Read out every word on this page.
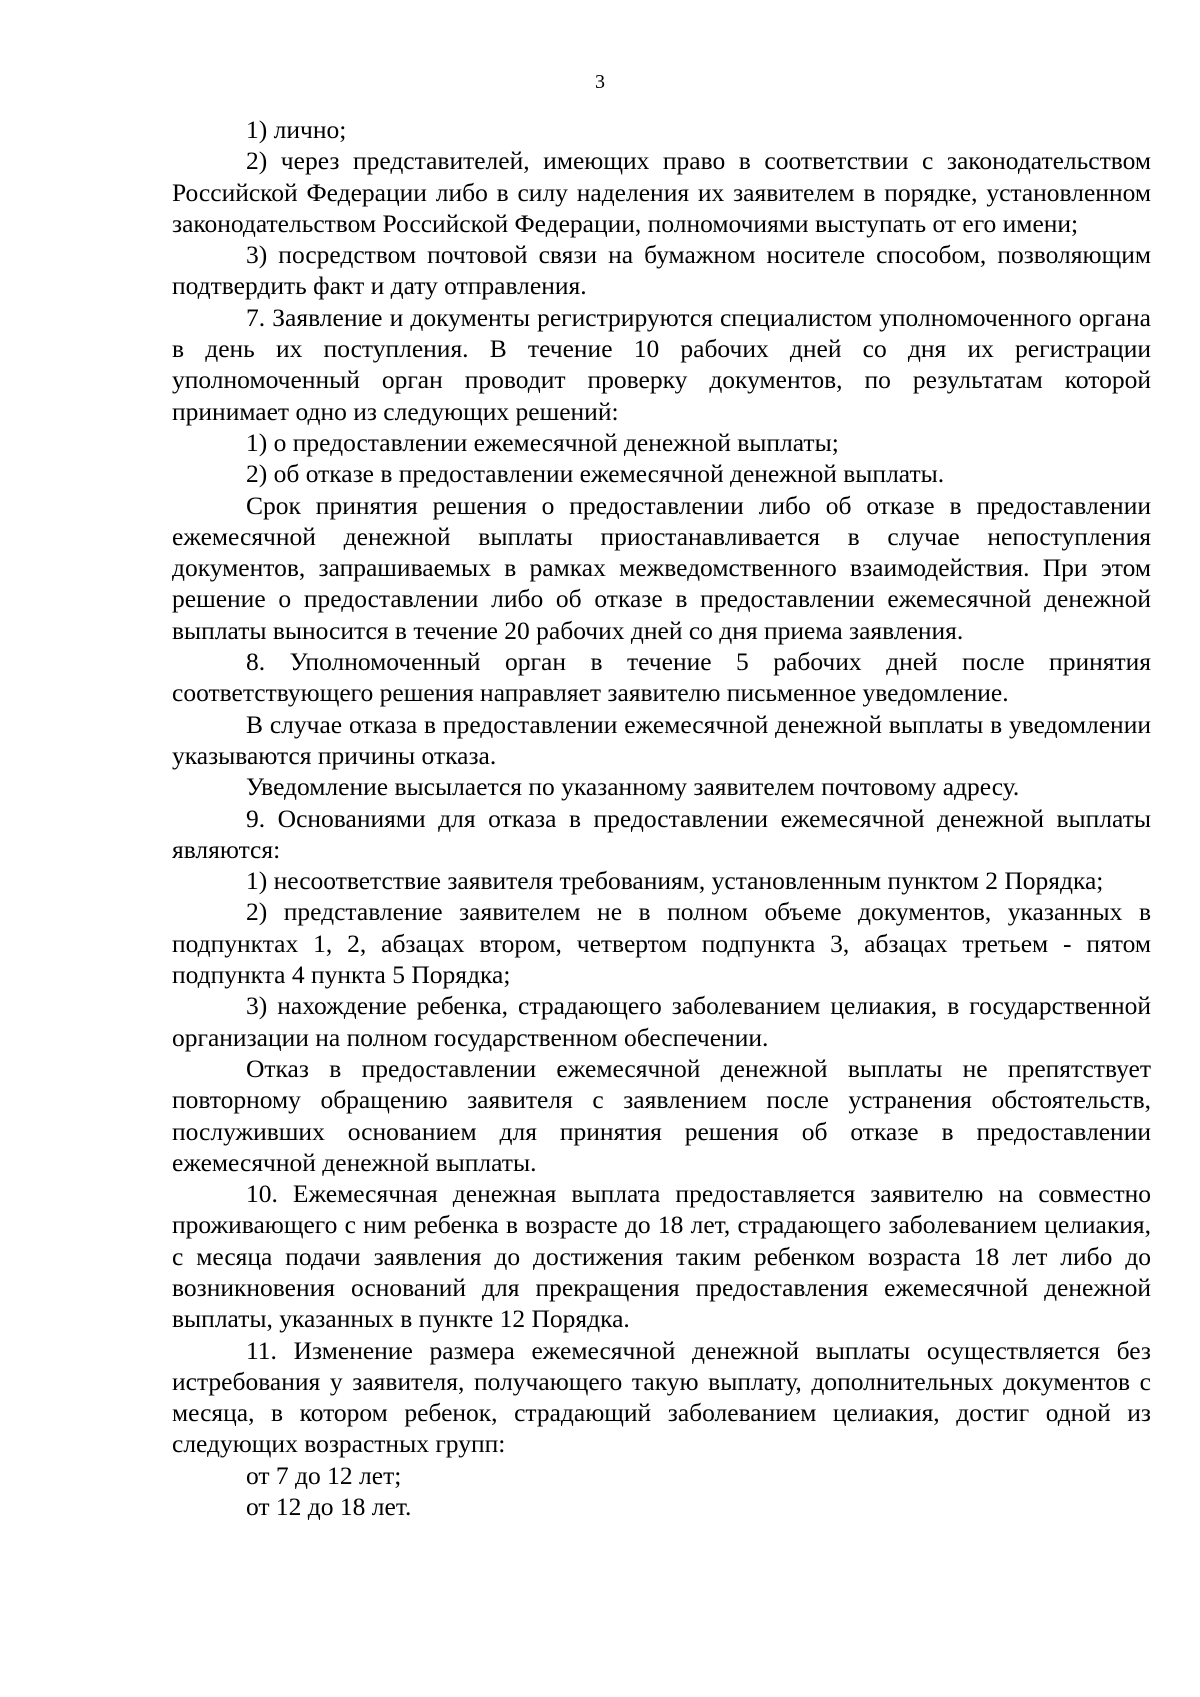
3

1) лично;

2) через представителей, имеющих право в соответствии с законодательством Российской Федерации либо в силу наделения их заявителем в порядке, установленном законодательством Российской Федерации, полномочиями выступать от его имени;

3) посредством почтовой связи на бумажном носителе способом, позволяющим подтвердить факт и дату отправления.

7. Заявление и документы регистрируются специалистом уполномоченного органа в день их поступления. В течение 10 рабочих дней со дня их регистрации уполномоченный орган проводит проверку документов, по результатам которой принимает одно из следующих решений:

1) о предоставлении ежемесячной денежной выплаты;

2) об отказе в предоставлении ежемесячной денежной выплаты.

Срок принятия решения о предоставлении либо об отказе в предоставлении ежемесячной денежной выплаты приостанавливается в случае непоступления документов, запрашиваемых в рамках межведомственного взаимодействия. При этом решение о предоставлении либо об отказе в предоставлении ежемесячной денежной выплаты выносится в течение 20 рабочих дней со дня приема заявления.

8. Уполномоченный орган в течение 5 рабочих дней после принятия соответствующего решения направляет заявителю письменное уведомление.

В случае отказа в предоставлении ежемесячной денежной выплаты в уведомлении указываются причины отказа.

Уведомление высылается по указанному заявителем почтовому адресу.

9. Основаниями для отказа в предоставлении ежемесячной денежной выплаты являются:

1) несоответствие заявителя требованиям, установленным пунктом 2 Порядка;

2) представление заявителем не в полном объеме документов, указанных в подпунктах 1, 2, абзацах втором, четвертом подпункта 3, абзацах третьем - пятом подпункта 4 пункта 5 Порядка;

3) нахождение ребенка, страдающего заболеванием целиакия, в государственной организации на полном государственном обеспечении.

Отказ в предоставлении ежемесячной денежной выплаты не препятствует повторному обращению заявителя с заявлением после устранения обстоятельств, послуживших основанием для принятия решения об отказе в предоставлении ежемесячной денежной выплаты.

10. Ежемесячная денежная выплата предоставляется заявителю на совместно проживающего с ним ребенка в возрасте до 18 лет, страдающего заболеванием целиакия, с месяца подачи заявления до достижения таким ребенком возраста 18 лет либо до возникновения оснований для прекращения предоставления ежемесячной денежной выплаты, указанных в пункте 12 Порядка.

11. Изменение размера ежемесячной денежной выплаты осуществляется без истребования у заявителя, получающего такую выплату, дополнительных документов с месяца, в котором ребенок, страдающий заболеванием целиакия, достиг одной из следующих возрастных групп:

от 7 до 12 лет;

от 12 до 18 лет.
